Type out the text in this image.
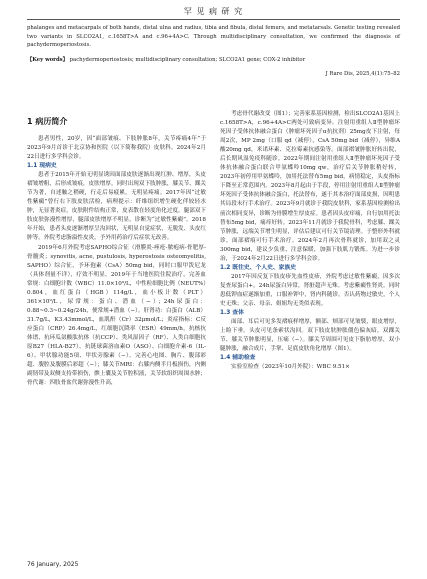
罕 见 病 研 究
phalanges and metacarpals of both hands, distal ulna and radius, tibia and fibula, distal femurs, and metatarsals. Genetic testing revealed two variants in SLCO2A1, c.1658T>A and c.96+4A>C. Through multidisciplinary consultation, we confirmed the diagnosis of pachydermoperiostosis.
【Key words】 pachydermoperiostosis; multidisciplinary consultation; SLCO2A1 gene; COX-2 inhibitor
J Rare Dis, 2025,4(1):75–82
1 病历简介

患者男性，20岁，因“面部皱痕、下肢肿胀8年，关节疼痛4年”于2023年9月首诊于北京协和医院（以下简称我院）皮肤科。2024年2月22日进行多学科会诊。

1.1 现病史

患者于2015年开始无明显诱因面部皮肤逐渐出现红肿、增厚，头皮褶皱增粗，后形成皱痕，皮肤增厚。同时出现双下肢肿胀，膝关节、踝关节为著，自述触之稍硬，行走后易疲累，无明显疼痛。2017年因“过敏性紫癜”曾行右下肢皮肤活检，病理提示：纤维组织增生硬化伴较轻水肿，无显著炎症，皮肤附件结构正常，皮表散在轻度角化过度。腿部双下肢皮肤弥漫性增厚，腿部皮肤增厚不明显，诊断为“过敏性紫癜”。2018年开始，患者头皮逐渐增厚呈沟回状，无明显自觉症状，无脱发、头皮红肿等。外院考虑脂溢性皮炎，予外用药治疗后症状无改善。

2019年6月外院考虑SAPHO综合征（滑膜炎-痤疮-脓疱病-骨肥厚-骨髓炎；synovitis, acne, pustulosis, hyperostosis osteomyelitis, SAPHO）综合征，予环孢素（CsA）50mg bid，同时口服甲泼尼龙（具体剂量不详），疗效不明显。2019年于当地医院住院治疗，完善血常规：白细胞计数（WBC）11.0×10⁹/L，中性粒细胞比例（NEUT%）0.804，血红蛋白（HGB）114g/L，血小板计数（PLT）361×10⁹/L，尿常规：蛋白、潜血（−）；24h尿蛋白：0.88~0.3~0.24g/24h，便常规+潜血（−）。肝肾功：白蛋白（ALB）31.7g/L，K3.43mmol/L，血肌酐（Cr）32μmol/L；炎症指标：C反应蛋白（CRP）26.4mg/L，红细胞沉降率（ESR）49mm/h，抗核抗体谱、抗环瓜氨酸肽抗体（抗CCP）、类风湿因子（RF）、人类白细胞抗原B27（HLA-B27）、抗链球菌溶血素O（ASO）、白细胞介素-6（IL-6）、甲状腺功能5项、甲状旁腺素（−）。完善心电图、胸片、腹部彩超、腹腔及腹膜后彩超（−）；膝关节MRI：右膝内侧半月板损伤，内侧副韧带及双侧支持带损伤，髌上囊及关节腔积液，关节软组织周围水肿；骨代谢：四肢骨盆代谢弥漫性升高，

考虑骨代谢改变（图1）；完善家系基因检测，检出SLCO2A1基因上c.1658T>A，c.96+4A>C两处可致病变异。注射用重组人Ⅱ型肿瘤坏死因子受体抗体融合蛋白（肿瘤坏死因子α抗抗剂）25mg皮下注射，每周2次，MP 2mg（口服 qd（减停），CsA 50mg bid（减停），异维A酸20mg qd，米诺环素、克拉霉素抗感染等。面部褶皱肿胀好转出院，后长期风湿免疫科随诊。2022年期间注射用重组人Ⅱ型肿瘤坏死因子受体抗体融合蛋白联合甲氨蝶呤10mg qw，治疗后关节肿胀稍好转，2023年初停用甲氨蝶呤，加用托法替布5mg bid，病情稳定，头皮指标下降至正常范围内。2023年8月起由于手段，停用注射用重组人Ⅱ型肿瘤坏死因子受体抗体融合蛋白，托法替布，遂于其本治疗面部皮损，因明患其局段未行手术治疗。2023年9月就诊于我院皮肤科，家系基因检测检出前次相同变异，诊断为骨膜增生厚皮症。患者因头皮痒痛，自行加用托法替布5mg bid，痛痒好转。2023年11月就诊于我院骨科，考虑膝、踝关节肿胀，远端关节增生明显，评估后建议可行关节镜清理。于整形外科就诊，面部褶痕可行手术治疗。2024年2月再次骨科就诊，加用双之灵300mg bid，建议少负重、注意保暖，加强下肢肌力锻炼。为进一步诊治，于2024年2月22日进行多学科会诊。

1.2 既往史、个人史、家族史

2017年因反复下肢皮疹先血性皮疹，外院考虑过敏性紫癜，因多次复查尿蛋白+，24h尿蛋白异常，肾脏超声无殊。考虑紫癜性肾炎。同时患低钾血症遂渐加重，口服补钾中，肾内科随诊。否认药物过敏史，个人史无殊；父亲、母亲、姐姐均无类似表现。

1.3 查体

面部、耳后可见多发褶痕样增厚，额部、颊部可见皱襞，眼皮增厚，上睑下垂。头皮可见条索状沟回。双下肢皮肤肿胀僵色偏灰暗，双踝关节、膝关节肿胀明显，压痛（−）。膝关节周围可见皮下脂肪增厚，双小腿肿胀，融合成片，手掌、足底皮肤角化增厚（图1）。

1.4 辅助检查

实验室检查（2023年10月外院）：WBC 9.51×

76 January, 2025
